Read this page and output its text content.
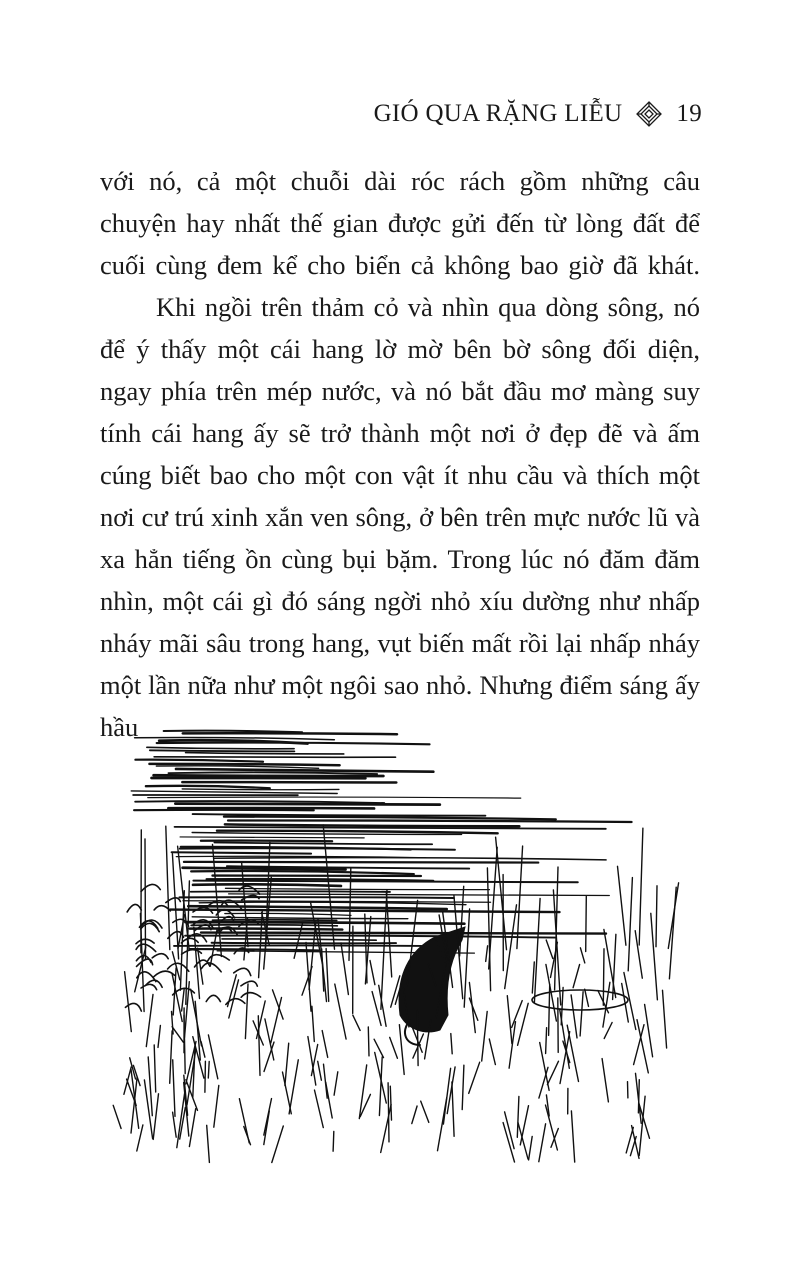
GIÓ QUA RẶNG LIỄU 19

với nó, cả một chuỗi dài róc rách gồm những câu chuyện hay nhất thế gian được gửi đến từ lòng đất để cuối cùng đem kể cho biển cả không bao giờ đã khát.

Khi ngồi trên thảm cỏ và nhìn qua dòng sông, nó để ý thấy một cái hang lờ mờ bên bờ sông đối diện, ngay phía trên mép nước, và nó bắt đầu mơ màng suy tính cái hang ấy sẽ trở thành một nơi ở đẹp đẽ và ấm cúng biết bao cho một con vật ít nhu cầu và thích một nơi cư trú xinh xắn ven sông, ở bên trên mực nước lũ và xa hẳn tiếng ồn cùng bụi bặm. Trong lúc nó đăm đăm nhìn, một cái gì đó sáng ngời nhỏ xíu dường như nhấp nháy mãi sâu trong hang, vụt biến mất rồi lại nhấp nháy một lần nữa như một ngôi sao nhỏ. Nhưng điểm sáng ấy hầu
